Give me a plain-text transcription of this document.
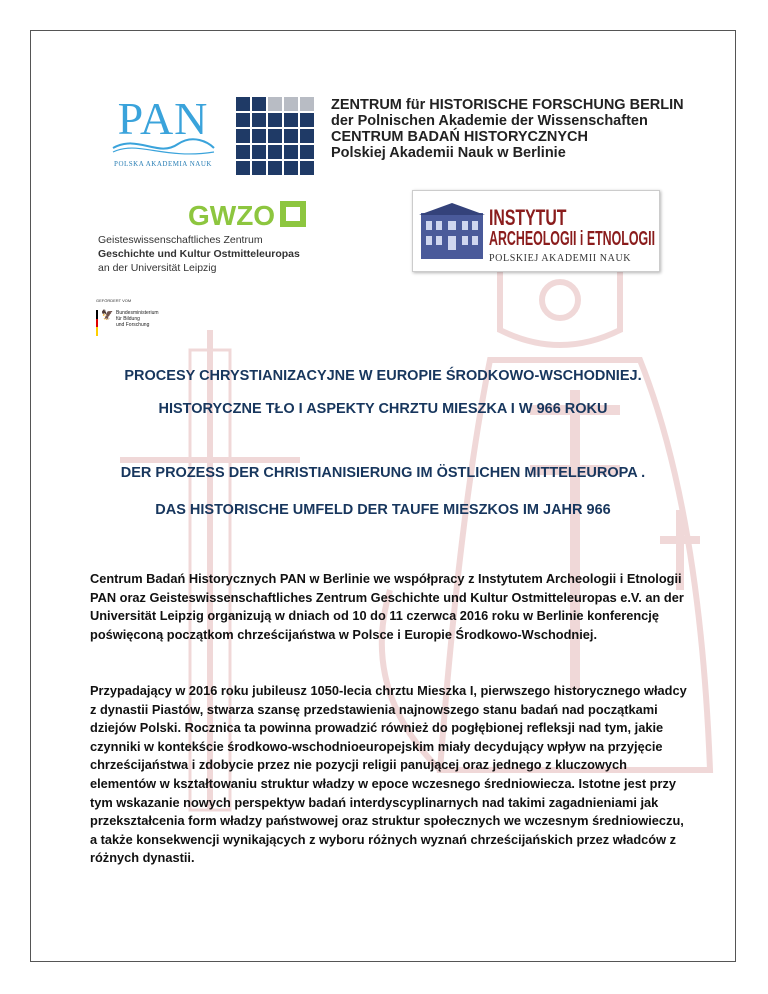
PAN
POLSKA AKADEMIA NAUK
ZENTRUM für HISTORISCHE FORSCHUNG BERLIN
der Polnischen Akademie der Wissenschaften
CENTRUM BADAŃ HISTORYCZNYCH
Polskiej Akademii Nauk w Berlinie
GWZO
Geisteswissenschaftliches Zentrum
Geschichte und Kultur Ostmitteleuropas
an der Universität Leipzig
INSTYTUT
ARCHEOLOGII i ETNOLOGII
POLSKIEJ AKADEMII NAUK
GEFÖRDERT VOM
🦅 Bundesministerium
für Bildung
und Forschung
PROCESY CHRYSTIANIZACYJNE W EUROPIE ŚRODKOWO-WSCHODNIEJ.
HISTORYCZNE TŁO I ASPEKTY CHRZTU MIESZKA I W 966 ROKU
DER PROZESS DER CHRISTIANISIERUNG IM ÖSTLICHEN MITTELEUROPA .
DAS HISTORISCHE UMFELD DER TAUFE MIESZKOS IM JAHR 966
Centrum Badań Historycznych PAN w Berlinie we współpracy z Instytutem Archeologii i Etnologii PAN oraz Geisteswissenschaftliches Zentrum Geschichte und Kultur Ostmitteleuropas e.V. an der Universität Leipzig organizują w dniach od 10 do 11 czerwca 2016 roku w Berlinie konferencję poświęconą początkom chrześcijaństwa w Polsce i Europie Środkowo-Wschodniej.
Przypadający w 2016 roku jubileusz 1050-lecia chrztu Mieszka I, pierwszego historycznego władcy z dynastii Piastów, stwarza szansę przedstawienia najnowszego stanu badań nad początkami dziejów Polski. Rocznica ta powinna prowadzić również do pogłębionej refleksji nad tym, jakie czynniki w kontekście środkowo-wschodnioeuropejskim miały decydujący wpływ na przyjęcie chrześcijaństwa i zdobycie przez nie pozycji religii panującej oraz jednego z kluczowych elementów w kształtowaniu struktur władzy w epoce wczesnego średniowiecza. Istotne jest przy tym wskazanie nowych perspektyw badań interdyscyplinarnych nad takimi zagadnieniami jak przekształcenia form władzy państwowej oraz struktur społecznych we wczesnym średniowieczu, a także konsekwencji wynikających z wyboru różnych wyznań chrześcijańskich przez władców z różnych dynastii.
